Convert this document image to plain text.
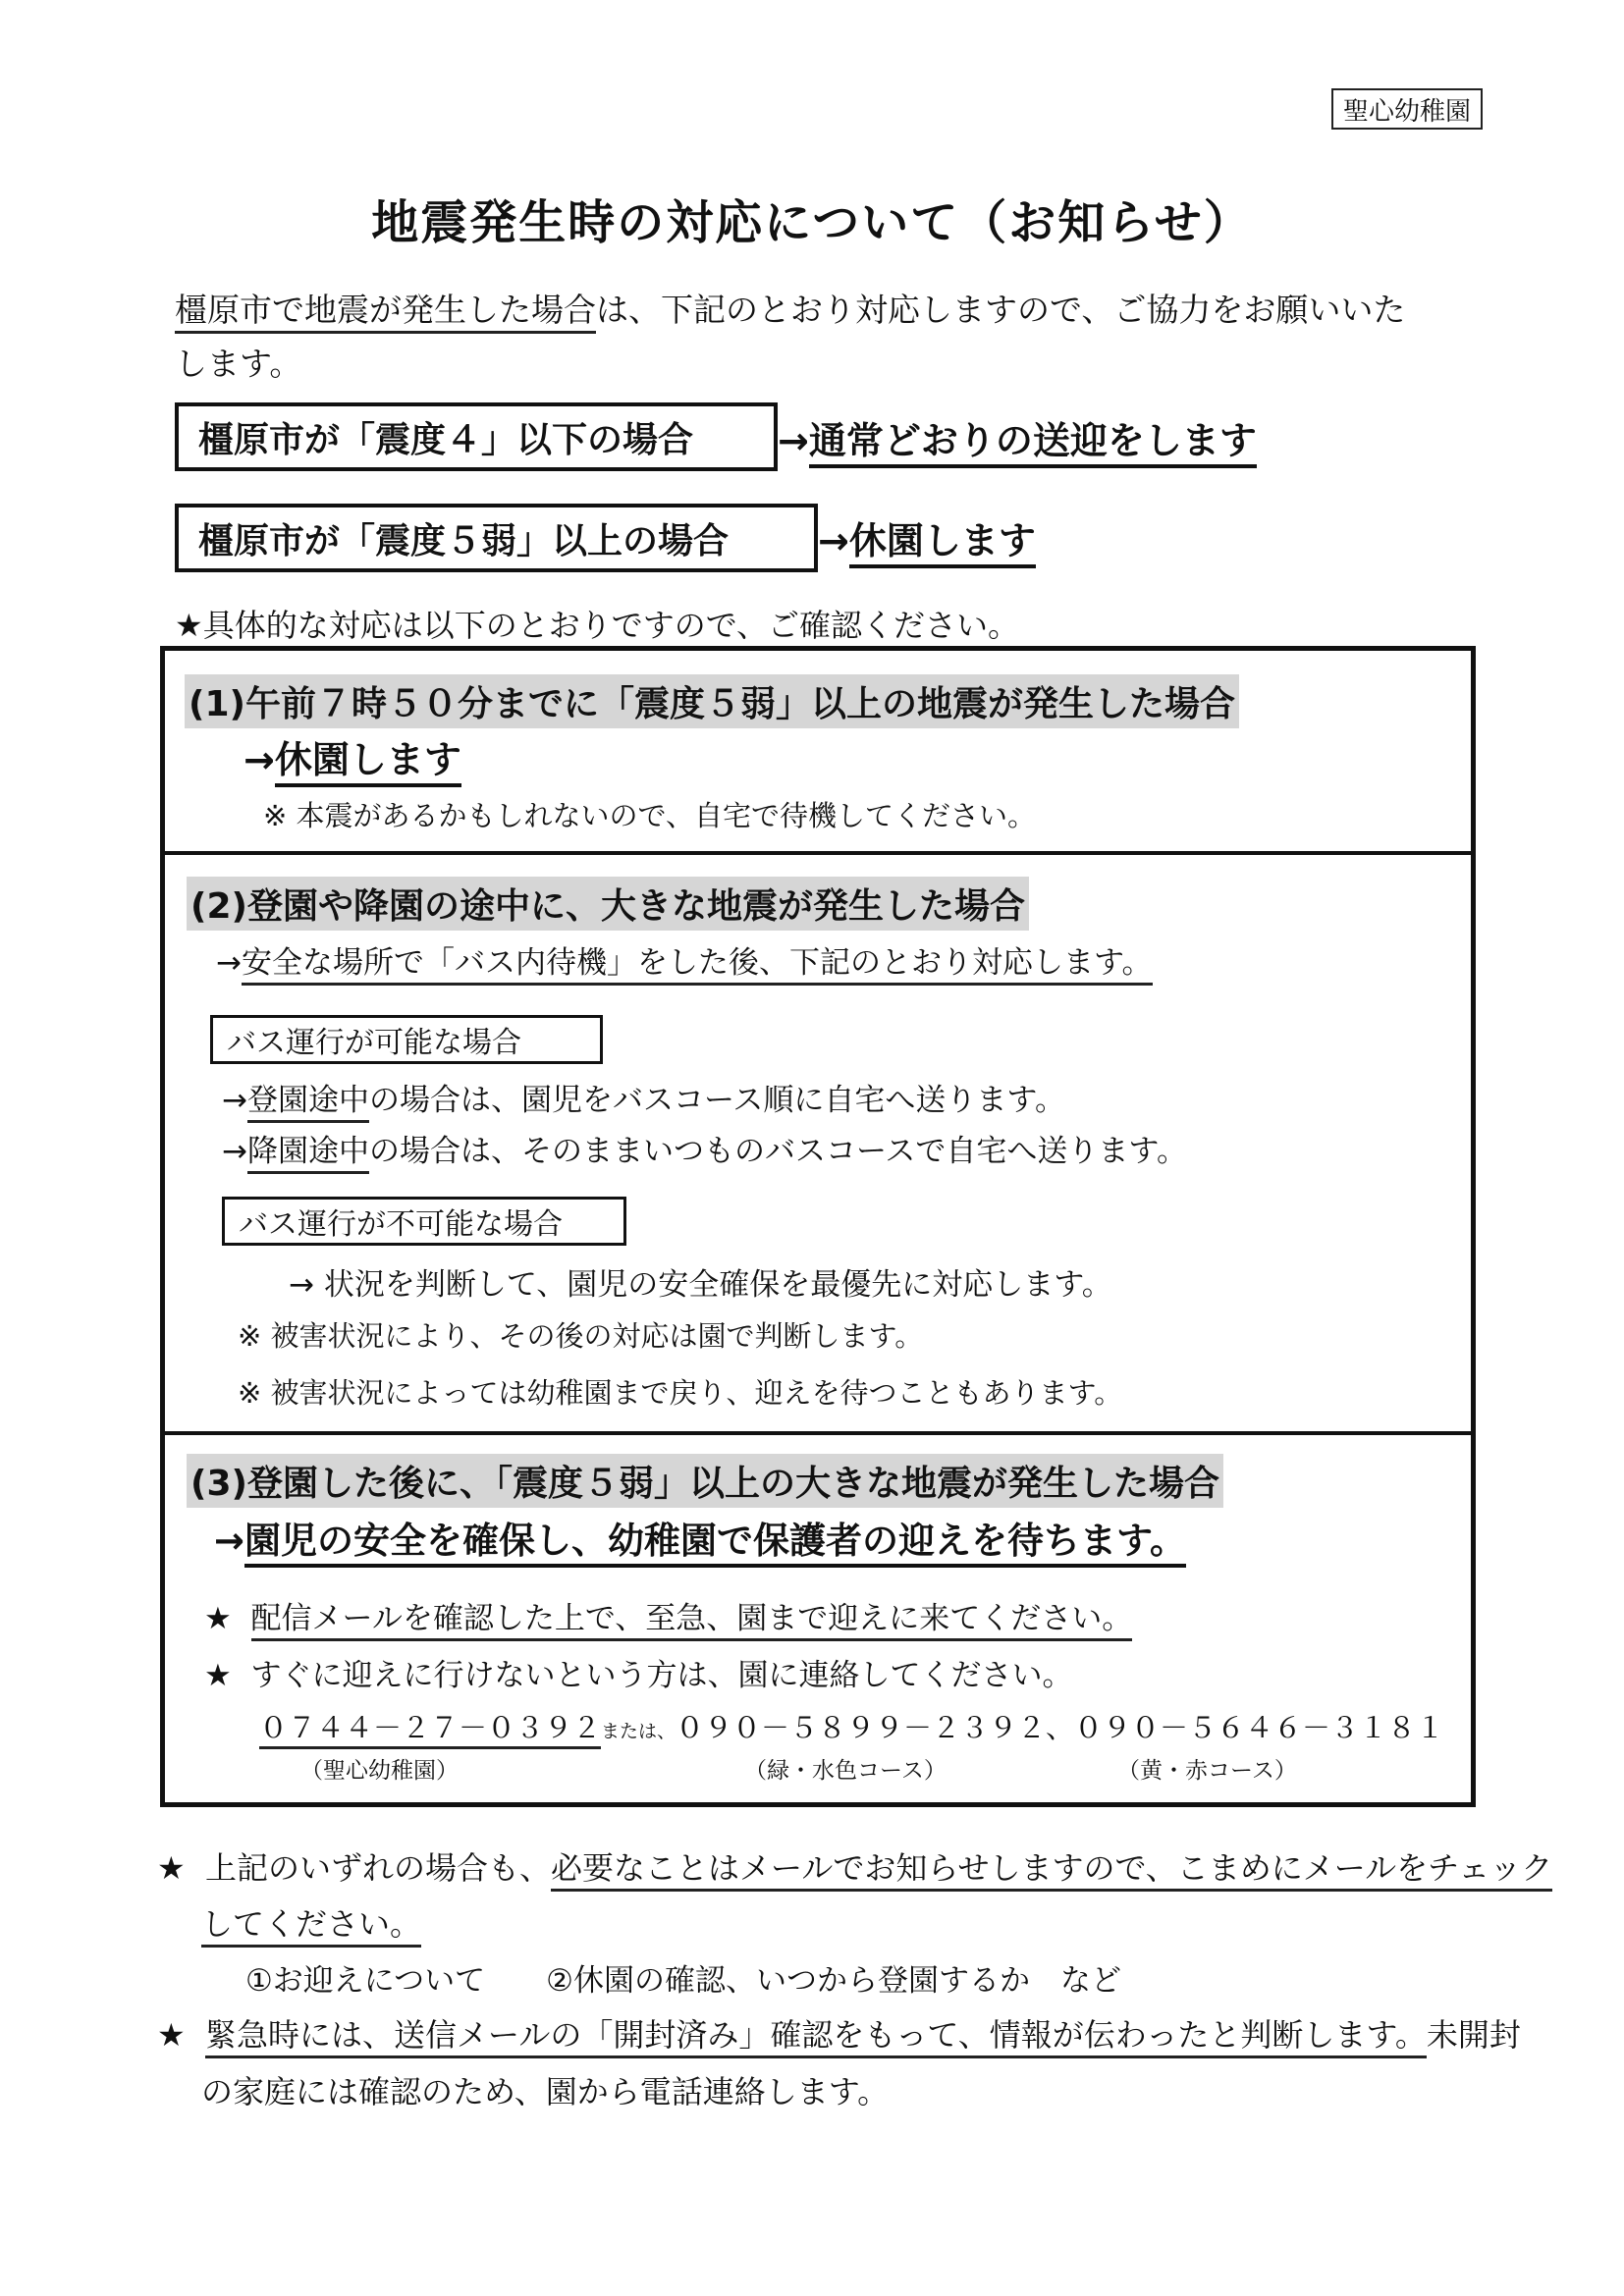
聖心幼稚園
地震発生時の対応について（お知らせ）
橿原市で地震が発生した場合は、下記のとおり対応しますので、ご協力をお願いいた
します。
橿原市が「震度４」以下の場合	→通常どおりの送迎をします
橿原市が「震度５弱」以上の場合	→休園します
★具体的な対応は以下のとおりですので、ご確認ください。
(1)午前７時５０分までに「震度５弱」以上の地震が発生した場合
→休園します
※ 本震があるかもしれないので、自宅で待機してください。
(2)登園や降園の途中に、大きな地震が発生した場合
→安全な場所で「バス内待機」をした後、下記のとおり対応します。
バス運行が可能な場合
→登園途中の場合は、園児をバスコース順に自宅へ送ります。
→降園途中の場合は、そのままいつものバスコースで自宅へ送ります。
バス運行が不可能な場合
→ 状況を判断して、園児の安全確保を最優先に対応します。
※ 被害状況により、その後の対応は園で判断します。
※ 被害状況によっては幼稚園まで戻り、迎えを待つこともあります。
(3)登園した後に、「震度５弱」以上の大きな地震が発生した場合
→園児の安全を確保し、幼稚園で保護者の迎えを待ちます。
★ 配信メールを確認した上で、至急、園まで迎えに来てください。
★ すぐに迎えに行けないという方は、園に連絡してください。
０７４４－２７－０３９２または、０９０－５８９９－２３９２、０９０－５６４６－３１８１
（聖心幼稚園）	（緑・水色コース）	（黄・赤コース）
★ 上記のいずれの場合も、必要なことはメールでお知らせしますので、こまめにメールをチェック
してください。
①お迎えについて　　②休園の確認、いつから登園するか　など
★ 緊急時には、送信メールの「開封済み」確認をもって、情報が伝わったと判断します。未開封
の家庭には確認のため、園から電話連絡します。
